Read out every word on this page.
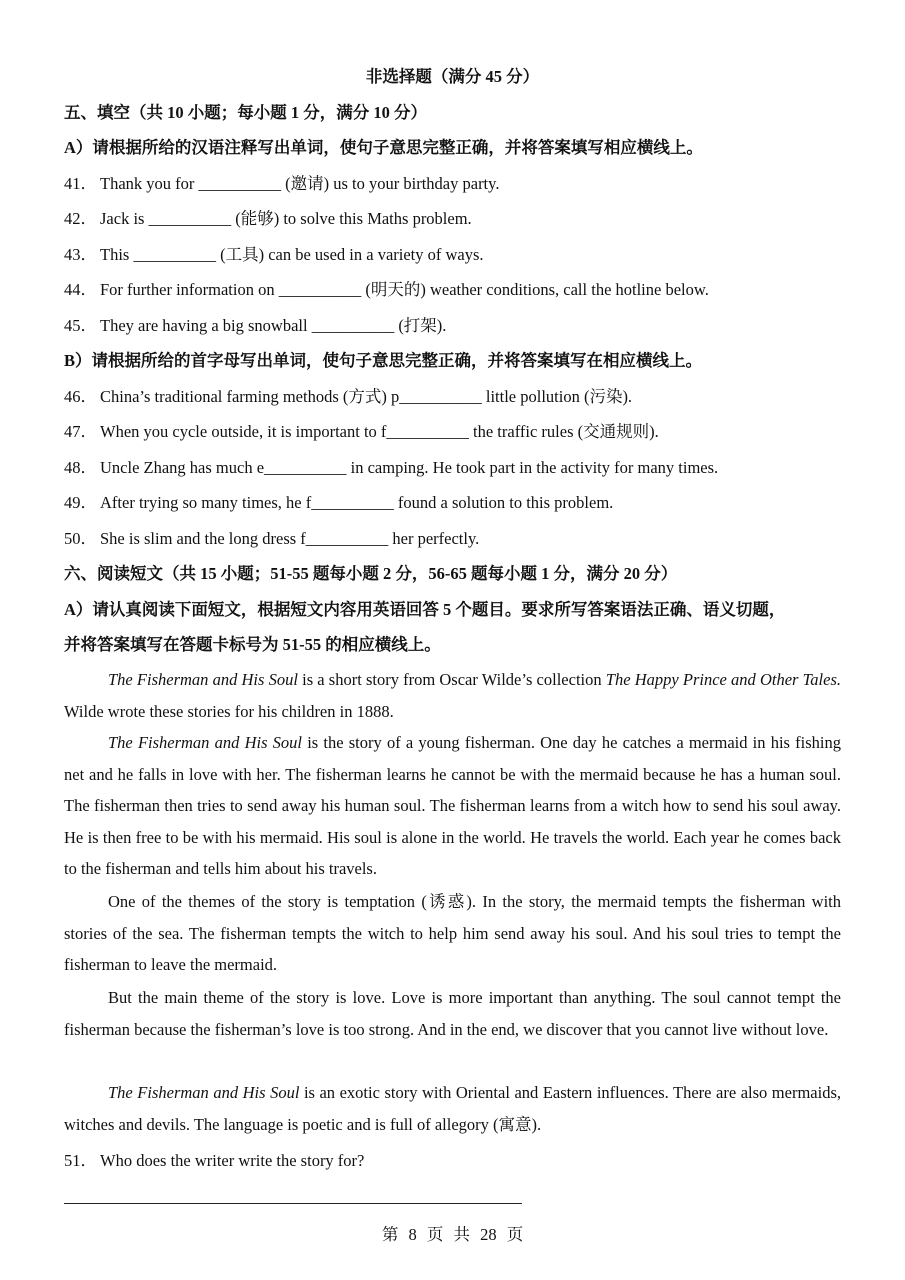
非选择题（满分 45 分）
五、填空（共 10 小题；每小题 1 分，满分 10 分）
A）请根据所给的汉语注释写出单词，使句子意思完整正确，并将答案填写相应横线上。
41． Thank you for __________ (邀请) us to your birthday party.
42． Jack is __________ (能够) to solve this Maths problem.
43． This __________ (工具) can be used in a variety of ways.
44． For further information on __________ (明天的) weather conditions, call the hotline below.
45． They are having a big snowball __________ (打架).
B）请根据所给的首字母写出单词，使句子意思完整正确，并将答案填写在相应横线上。
46． China’s traditional farming methods (方式) p__________ little pollution (污染).
47． When you cycle outside, it is important to f__________ the traffic rules (交通规则).
48． Uncle Zhang has much e__________ in camping. He took part in the activity for many times.
49． After trying so many times, he f__________ found a solution to this problem.
50． She is slim and the long dress f__________ her perfectly.
六、阅读短文（共 15 小题；51-55 题每小题 2 分，56-65 题每小题 1 分，满分 20 分）
A）请认真阅读下面短文，根据短文内容用英语回答 5 个题目。要求所写答案语法正确、语义切题，
并将答案填写在答题卡标号为 51-55 的相应横线上。
The Fisherman and His Soul is a short story from Oscar Wilde’s collection The Happy Prince and Other Tales. Wilde wrote these stories for his children in 1888.
The Fisherman and His Soul is the story of a young fisherman. One day he catches a mermaid in his fishing net and he falls in love with her. The fisherman learns he cannot be with the mermaid because he has a human soul. The fisherman then tries to send away his human soul. The fisherman learns from a witch how to send his soul away. He is then free to be with his mermaid. His soul is alone in the world. He travels the world. Each year he comes back to the fisherman and tells him about his travels.
One of the themes of the story is temptation (诱惑). In the story, the mermaid tempts the fisherman with stories of the sea. The fisherman tempts the witch to help him send away his soul. And his soul tries to tempt the fisherman to leave the mermaid.
But the main theme of the story is love. Love is more important than anything. The soul cannot tempt the fisherman because the fisherman’s love is too strong. And in the end, we discover that you cannot live without love.
The Fisherman and His Soul is an exotic story with Oriental and Eastern influences. There are also mermaids, witches and devils. The language is poetic and is full of allegory (寓意).
51． Who does the writer write the story for?
第 8 页 共 28 页
